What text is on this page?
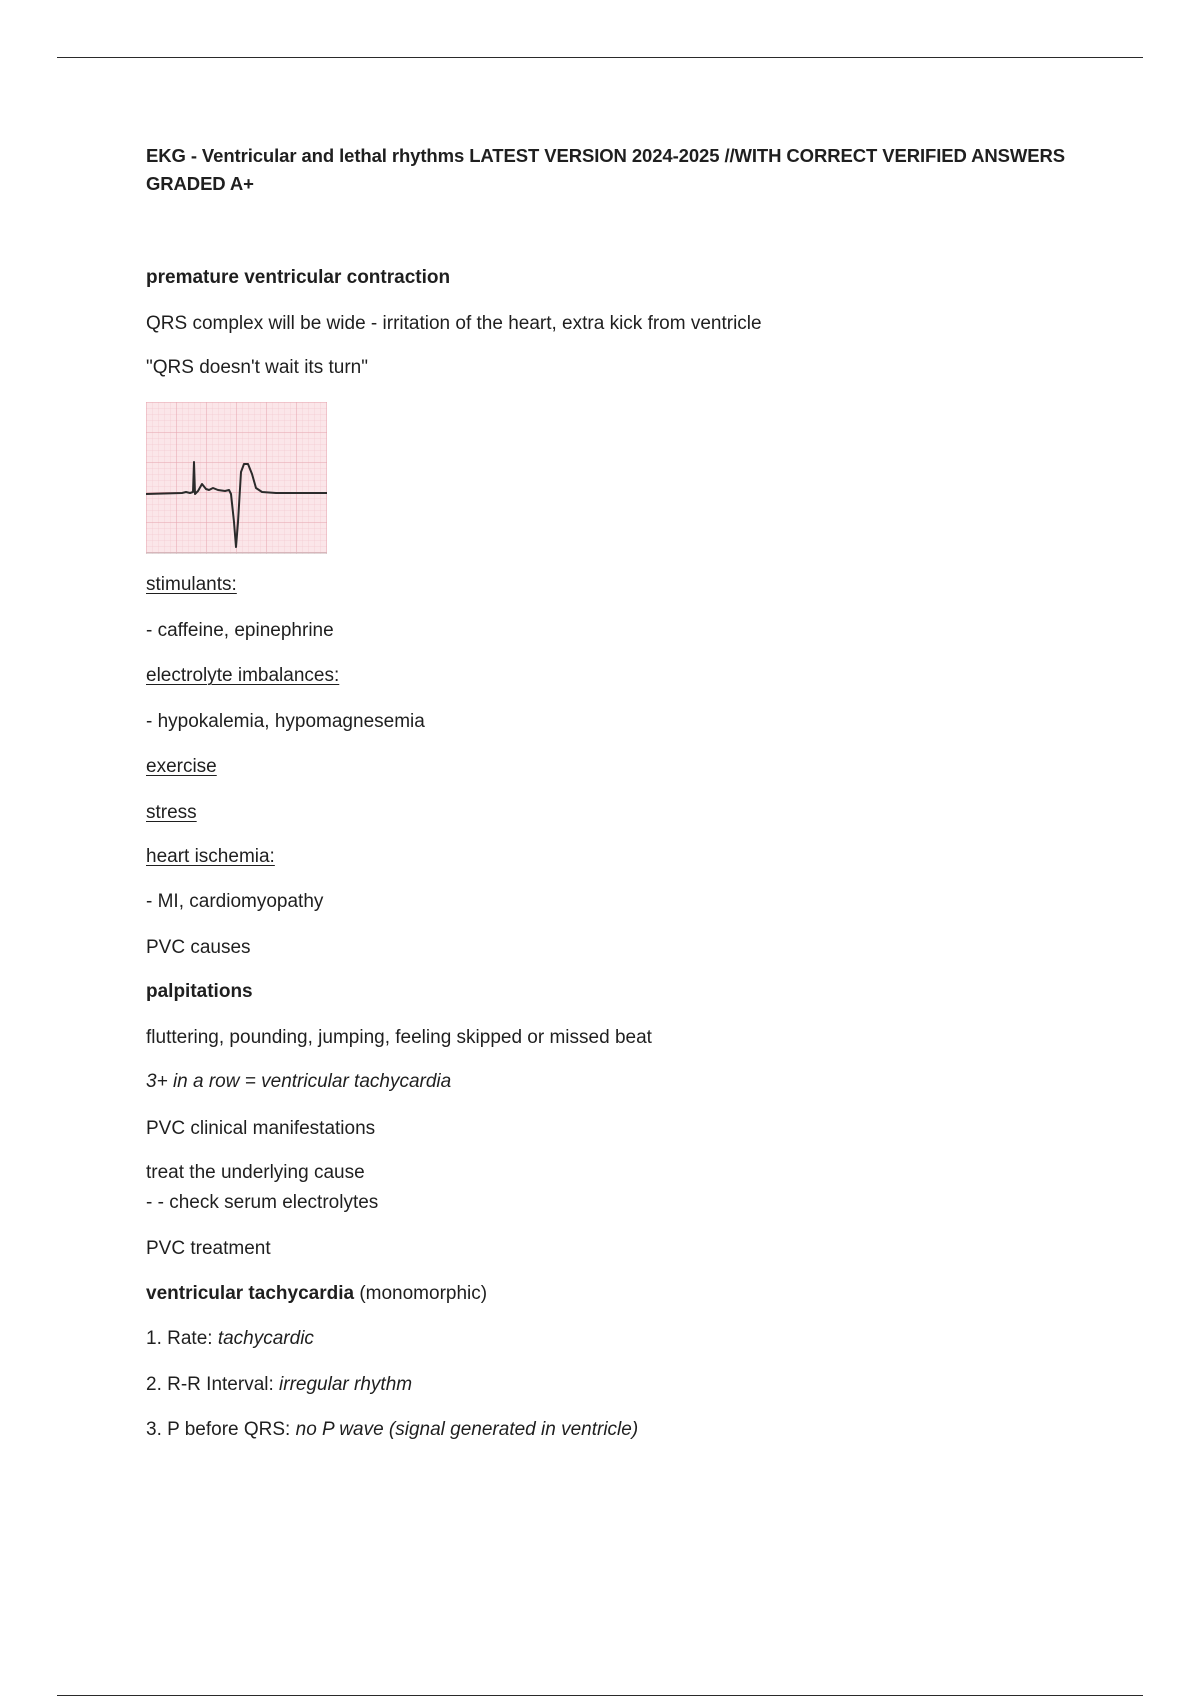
EKG - Ventricular and lethal rhythms LATEST VERSION 2024-2025 //WITH CORRECT VERIFIED ANSWERS GRADED A+
premature ventricular contraction
QRS complex will be wide - irritation of the heart, extra kick from ventricle
"QRS doesn't wait its turn"
stimulants:
- caffeine, epinephrine
electrolyte imbalances:
- hypokalemia, hypomagnesemia
exercise
stress
heart ischemia:
- MI, cardiomyopathy
PVC causes
palpitations
fluttering, pounding, jumping, feeling skipped or missed beat
3+ in a row = ventricular tachycardia
PVC clinical manifestations
treat the underlying cause
- - check serum electrolytes
PVC treatment
ventricular tachycardia (monomorphic)
1. Rate: tachycardic
2. R-R Interval: irregular rhythm
3. P before QRS: no P wave (signal generated in ventricle)
